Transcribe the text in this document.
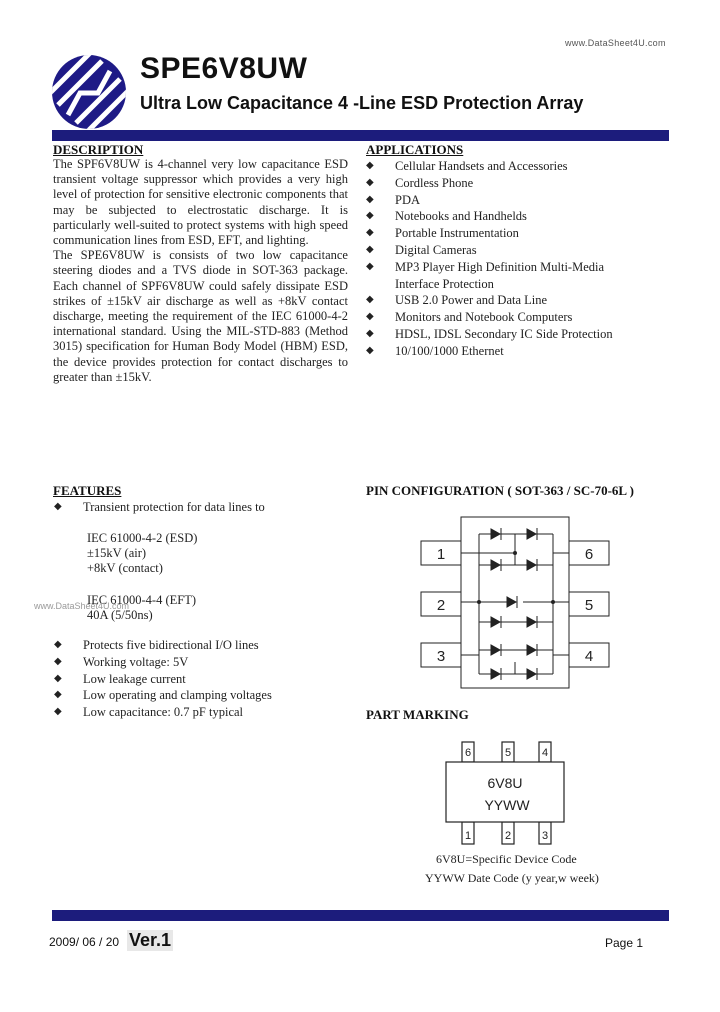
www.DataSheet4U.com
SPE6V8UW
Ultra Low Capacitance 4 -Line ESD Protection Array
DESCRIPTION

The SPF6V8UW is 4-channel very low capacitance ESD transient voltage suppressor which provides a very high level of protection for sensitive electronic components that may be subjected to electrostatic discharge. It is particularly well-suited to protect systems with high speed communication lines from ESD, EFT, and lighting.

The SPE6V8UW is consists of two low capacitance steering diodes and a TVS diode in SOT-363 package. Each channel of SPF6V8UW could safely dissipate ESD strikes of ±15kV air discharge as well as +8kV contact discharge, meeting the requirement of the IEC 61000-4-2 international standard. Using the MIL-STD-883 (Method 3015) specification for Human Body Model (HBM) ESD, the device provides protection for contact discharges to greater than ±15kV.

APPLICATIONS
◆ Cellular Handsets and Accessories
◆ Cordless Phone
◆ PDA
◆ Notebooks and Handhelds
◆ Portable Instrumentation
◆ Digital Cameras
◆ MP3 Player High Definition Multi-Media Interface Protection
◆ USB 2.0 Power and Data Line
◆ Monitors and Notebook Computers
◆ HDSL, IDSL Secondary IC Side Protection
◆ 10/100/1000 Ethernet
FEATURES
◆ Transient protection for data lines to
IEC 61000-4-2 (ESD)
±15kV (air)
+8kV (contact)
IEC 61000-4-4 (EFT)
40A (5/50ns)
www.DataSheet4U.com
◆ Protects five bidirectional I/O lines
◆ Working voltage: 5V
◆ Low leakage current
◆ Low operating and clamping voltages
◆ Low capacitance: 0.7 pF typical
PIN CONFIGURATION ( SOT-363 / SC-70-6L )
1
2
3
6
5
4
PART MARKING
6	5	4
6V8U
YYWW
1	2	3
6V8U=Specific Device Code
YYWW Date Code (y year,w week)
2009/ 06 / 20 Ver.1	Page 1
